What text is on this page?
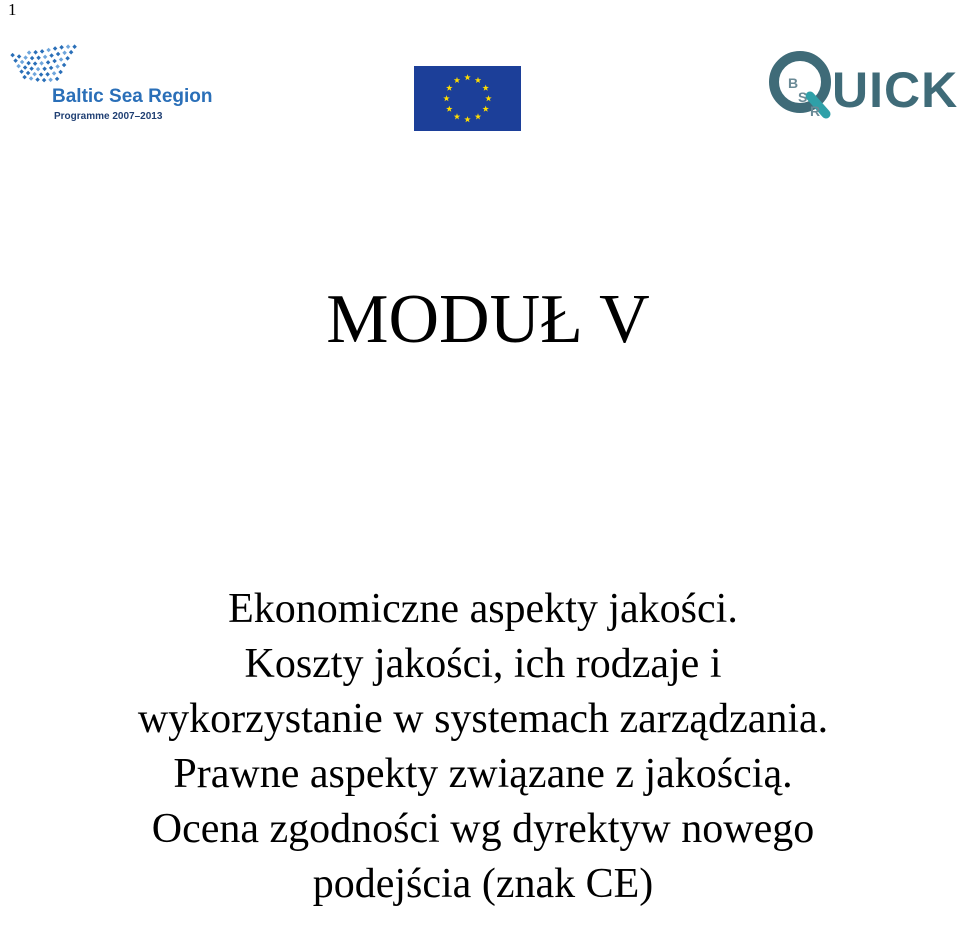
1
Baltic Sea Region
Programme 2007–2013
B
S
R UICK
MODUŁ V
Ekonomiczne aspekty jakości.
Koszty jakości, ich rodzaje i
wykorzystanie w systemach zarządzania.
Prawne aspekty związane z jakością.
Ocena zgodności wg dyrektyw nowego
podejścia (znak CE)
